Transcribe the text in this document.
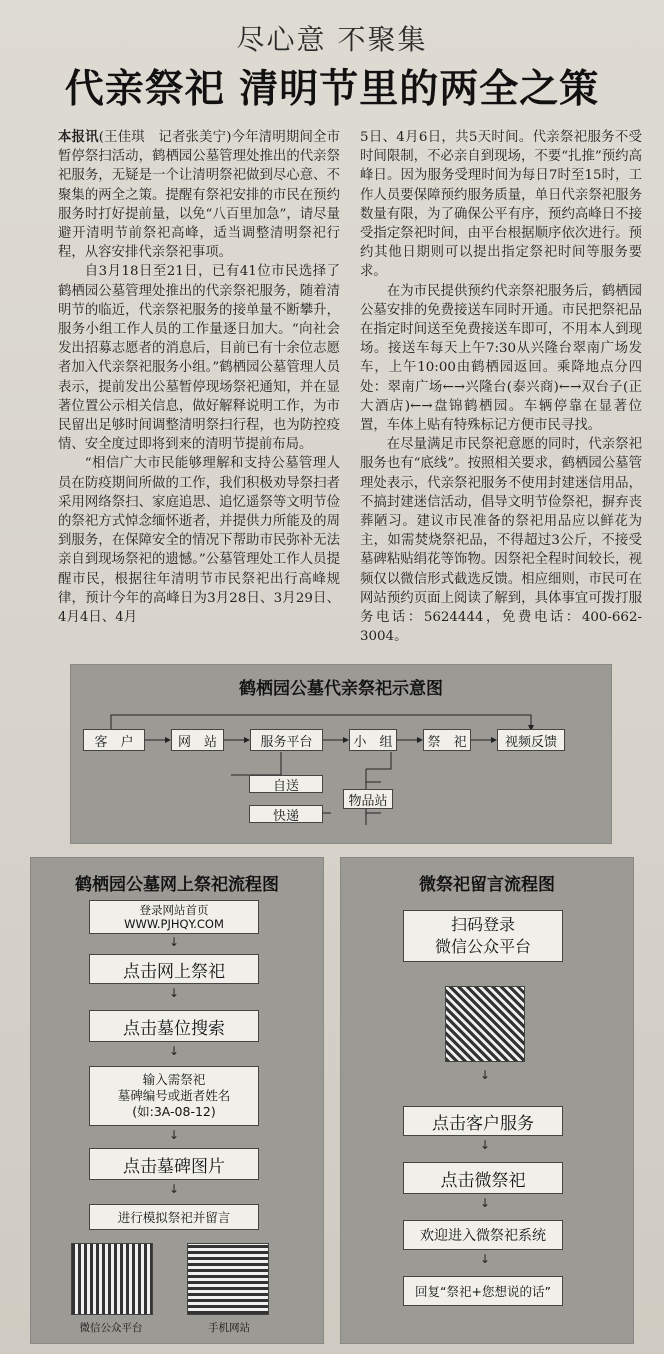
尽心意 不聚集
代亲祭祀 清明节里的两全之策

本报讯(王佳琪　记者张美宁)今年清明期间全市暂停祭扫活动，鹤栖园公墓管理处推出的代亲祭祀服务，无疑是一个让清明祭祀做到尽心意、不聚集的两全之策。提醒有祭祀安排的市民在预约服务时打好提前量，以免“八百里加急”，请尽量避开清明节前祭祀高峰，适当调整清明祭祀行程，从容安排代亲祭祀事项。

自3月18日至21日，已有41位市民选择了鹤栖园公墓管理处推出的代亲祭祀服务，随着清明节的临近，代亲祭祀服务的接单量不断攀升，服务小组工作人员的工作量逐日加大。“向社会发出招募志愿者的消息后，目前已有十余位志愿者加入代亲祭祀服务小组。”鹤栖园公墓管理人员表示，提前发出公墓暂停现场祭祀通知，并在显著位置公示相关信息，做好解释说明工作，为市民留出足够时间调整清明祭扫行程，也为防控疫情、安全度过即将到来的清明节提前布局。

“相信广大市民能够理解和支持公墓管理人员在防疫期间所做的工作，我们积极劝导祭扫者采用网络祭扫、家庭追思、追忆遥祭等文明节俭的祭祀方式悼念缅怀逝者，并提供力所能及的周到服务，在保障安全的情况下帮助市民弥补无法亲自到现场祭祀的遗憾。”公墓管理处工作人员提醒市民，根据往年清明节市民祭祀出行高峰规律，预计今年的高峰日为3月28日、3月29日、4月4日、4月

5日、4月6日，共5天时间。代亲祭祀服务不受时间限制，不必亲自到现场，不要“扎推”预约高峰日。因为服务受理时间为每日7时至15时，工作人员要保障预约服务质量，单日代亲祭祀服务数量有限，为了确保公平有序，预约高峰日不接受指定祭祀时间，由平台根据顺序依次进行。预约其他日期则可以提出指定祭祀时间等服务要求。

在为市民提供预约代亲祭祀服务后，鹤栖园公墓安排的免费接送车同时开通。市民把祭祀品在指定时间送至免费接送车即可，不用本人到现场。接送车每天上午7:30从兴隆台翠南广场发车，上午10:00由鹤栖园返回。乘降地点分四处：翠南广场←→兴隆台(泰兴商)←→双台子(正大酒店)←→盘锦鹤栖园。车辆停靠在显著位置，车体上贴有特殊标记方便市民寻找。

在尽量满足市民祭祀意愿的同时，代亲祭祀服务也有“底线”。按照相关要求，鹤栖园公墓管理处表示，代亲祭祀服务不使用封建迷信用品，不搞封建迷信活动，倡导文明节俭祭祀，摒弃丧葬陋习。建议市民准备的祭祀用品应以鲜花为主，如需焚烧祭祀品，不得超过3公斤，不接受墓碑粘贴绢花等饰物。因祭祀全程时间较长，视频仅以微信形式截选反馈。相应细则，市民可在网站预约页面上阅读了解到，具体事宜可拨打服务电话：5624444，免费电话：400-662-3004。

鹤栖园公墓代亲祭祀示意图
客　户	网　站	服务平台	小　组	祭　祀	视频反馈
自送
快递
物品站
鹤栖园公墓网上祭祀流程图
登录网站首页
WWW.PJHQY.COM
↓
点击网上祭祀
↓
点击墓位搜索
↓
输入需祭祀
墓碑编号或逝者姓名
(如:3A-08-12)
↓
点击墓碑图片
↓
进行模拟祭祀并留言
微信公众平台	手机网站
微祭祀留言流程图
扫码登录
微信公众平台
↓
点击客户服务
↓
点击微祭祀
↓
欢迎进入微祭祀系统
↓
回复“祭祀+您想说的话”
